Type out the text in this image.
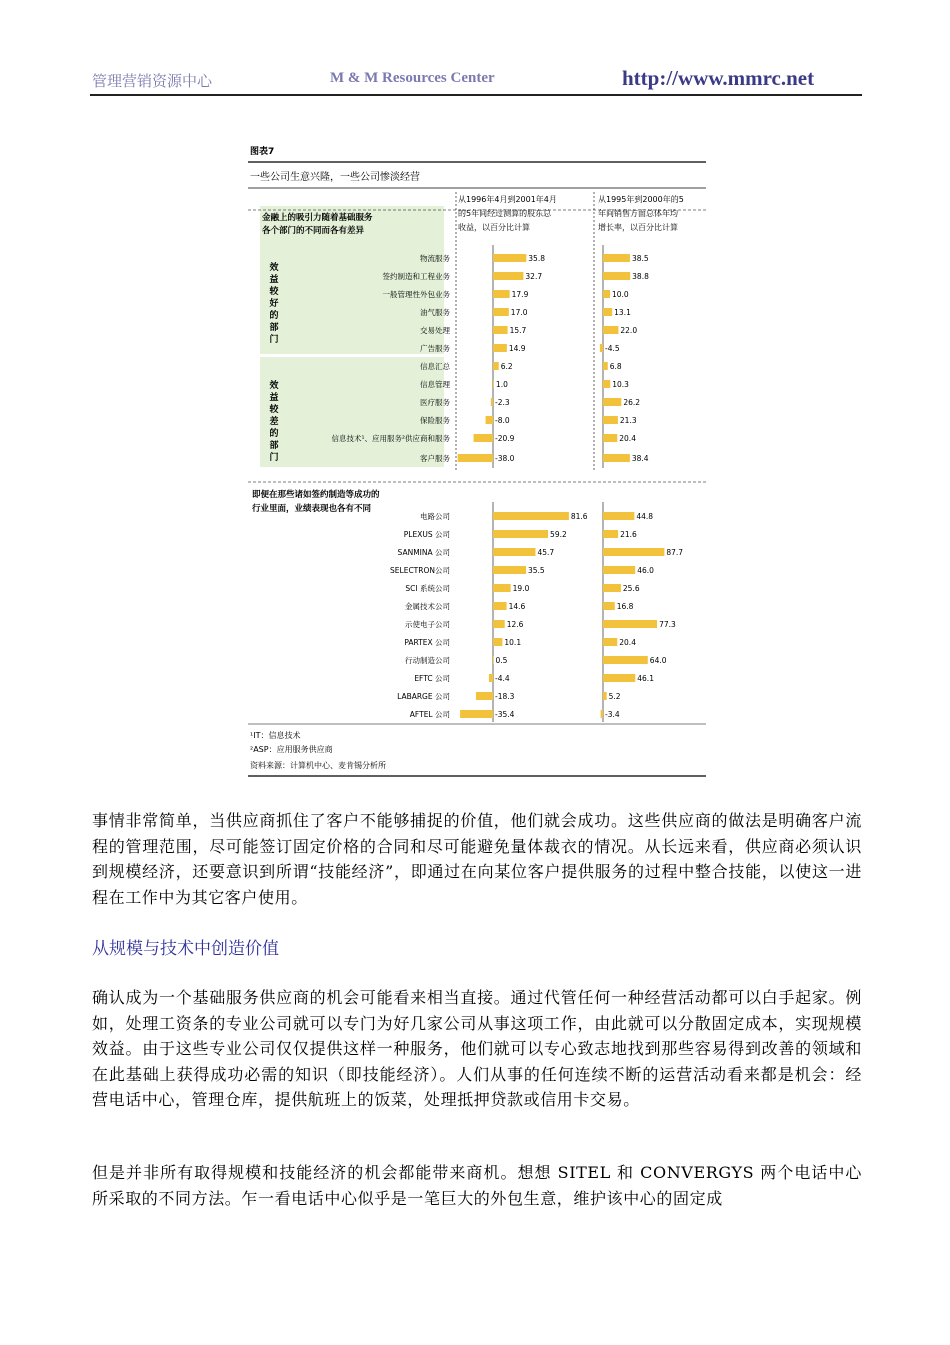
管理营销资源中心	M & M Resources Center	http://www.mmrc.net
图表7
一些公司生意兴隆，一些公司惨淡经营
从1996年4月到2001年4月
的5年间经过测算的股东总
收益，以百分比计算
从1995年到2000年的5
年间销售方面总体年均
增长率，以百分比计算
金融上的吸引力随着基础服务
各个部门的不同而各有差异
效
益
较
好
的
部
门
效
益
较
差
的
部
门
即便在那些诸如签约制造等成功的
行业里面，业绩表现也各有不同
¹IT：信息技术
²ASP：应用服务供应商
资料来源：计算机中心、麦肯锡分析所
物流服务	35.8	38.5
签约制造和工程业务	32.7	38.8
一般管理性外包业务	17.9	10.0
油气服务	17.0	13.1
交易处理	15.7	22.0
广告服务	14.9	-4.5
信息汇总	6.2	6.8
信息管理	1.0	10.3
医疗服务	-2.3	26.2
保险服务	-8.0	21.3
信息技术¹、应用服务²供应商和服务	-20.9	20.4
客户服务	-38.0	38.4
电路公司	81.6	44.8
PLEXUS 公司	59.2	21.6
SANMINA 公司	45.7	87.7
SELECTRON公司	35.5	46.0
SCI 系统公司	19.0	25.6
金属技术公司	14.6	16.8
示使电子公司	12.6	77.3
PARTEX 公司	10.1	20.4
行动制造公司	0.5	64.0
EFTC 公司	-4.4	46.1
LABARGE 公司	-18.3	5.2
AFTEL 公司	-35.4	-3.4
事情非常简单，当供应商抓住了客户不能够捕捉的价值，他们就会成功。这些供应商的做法是明确客户流程的管理范围，尽可能签订固定价格的合同和尽可能避免量体裁衣的情况。从长远来看，供应商必须认识到规模经济，还要意识到所谓“技能经济”，即通过在向某位客户提供服务的过程中整合技能，以使这一进程在工作中为其它客户使用。
从规模与技术中创造价值
确认成为一个基础服务供应商的机会可能看来相当直接。通过代管任何一种经营活动都可以白手起家。例如，处理工资条的专业公司就可以专门为好几家公司从事这项工作，由此就可以分散固定成本，实现规模效益。由于这些专业公司仅仅提供这样一种服务，他们就可以专心致志地找到那些容易得到改善的领域和在此基础上获得成功必需的知识（即技能经济）。人们从事的任何连续不断的运营活动看来都是机会：经营电话中心，管理仓库，提供航班上的饭菜，处理抵押贷款或信用卡交易。
但是并非所有取得规模和技能经济的机会都能带来商机。想想 SITEL 和 CONVERGYS 两个电话中心所采取的不同方法。乍一看电话中心似乎是一笔巨大的外包生意，维护该中心的固定成
